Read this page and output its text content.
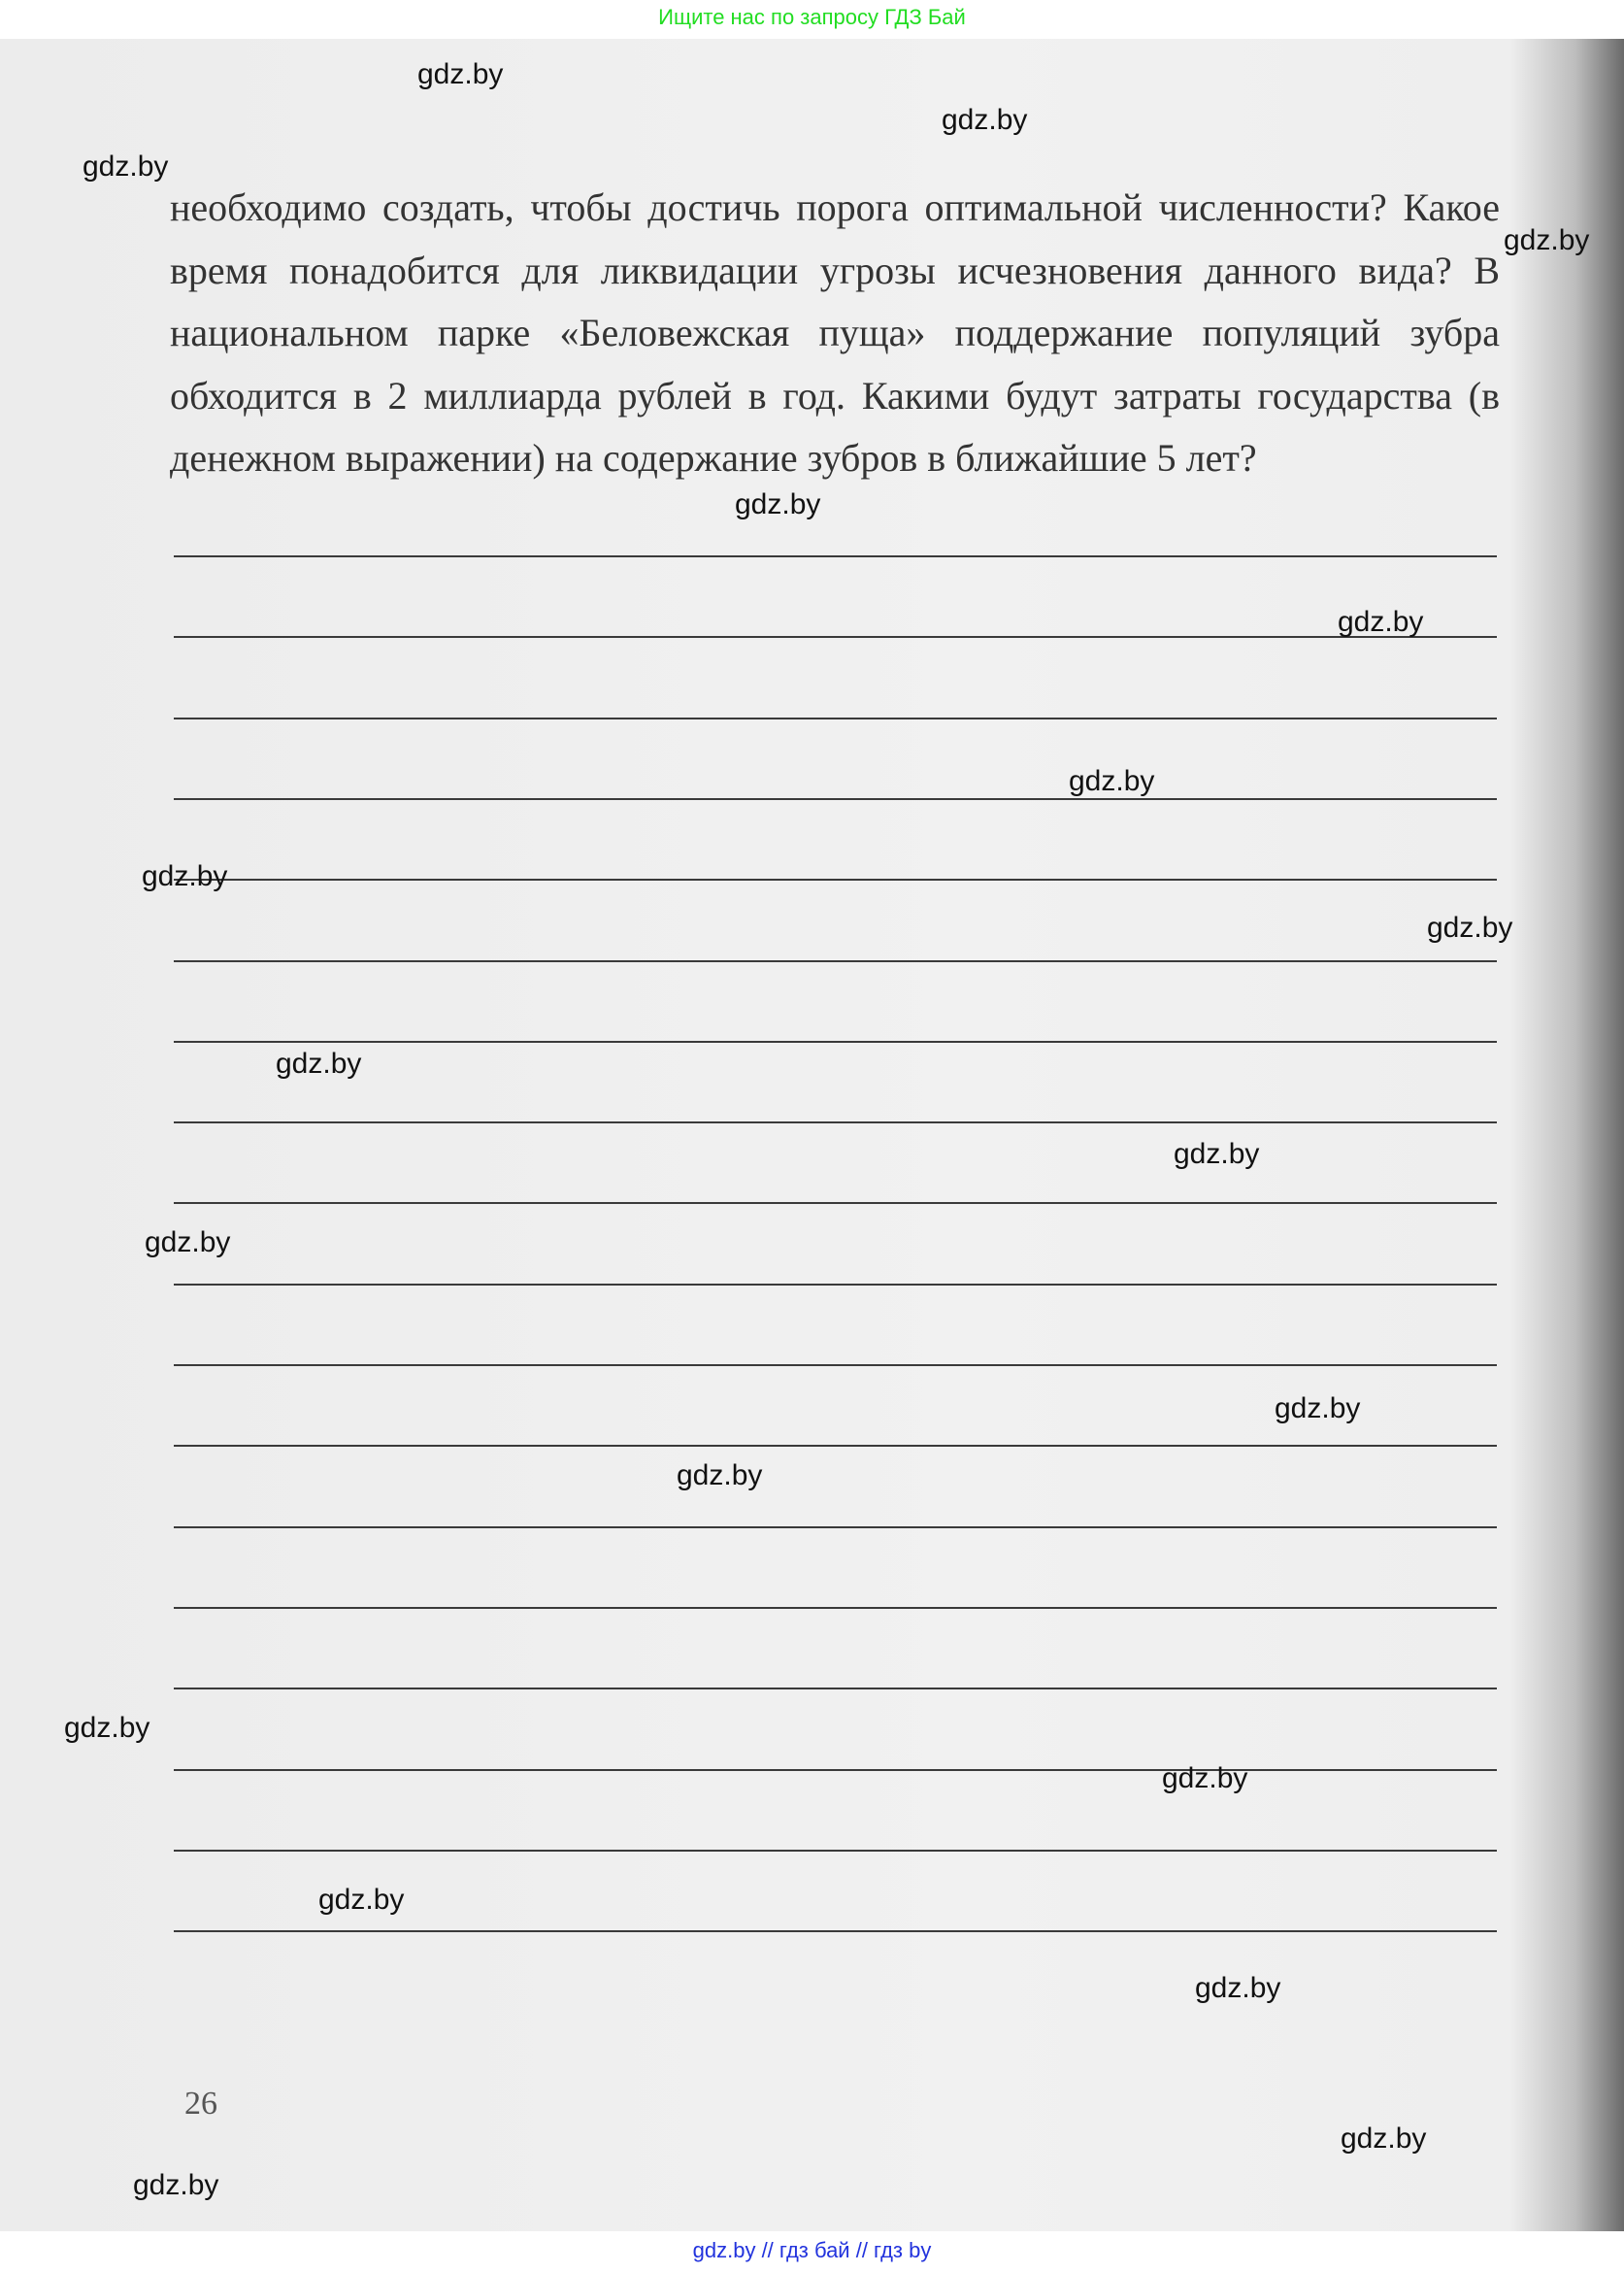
Ищите нас по запросу ГДЗ Бай
необходимо создать, чтобы достичь порога оптимальной численности? Какое время понадобится для ликвидации угрозы исчезновения данного вида? В национальном парке «Беловежская пуща» поддержание популяций зубра обходится в 2 миллиарда рублей в год. Какими будут затраты государства (в денежном выражении) на содержание зубров в ближайшие 5 лет?
26
gdz.by
gdz.by
gdz.by
gdz.by
gdz.by
gdz.by
gdz.by
gdz.by
gdz.by
gdz.by
gdz.by
gdz.by
gdz.by
gdz.by
gdz.by
gdz.by
gdz.by
gdz.by
gdz.by
gdz.by
gdz.by // гдз бай // гдз by
